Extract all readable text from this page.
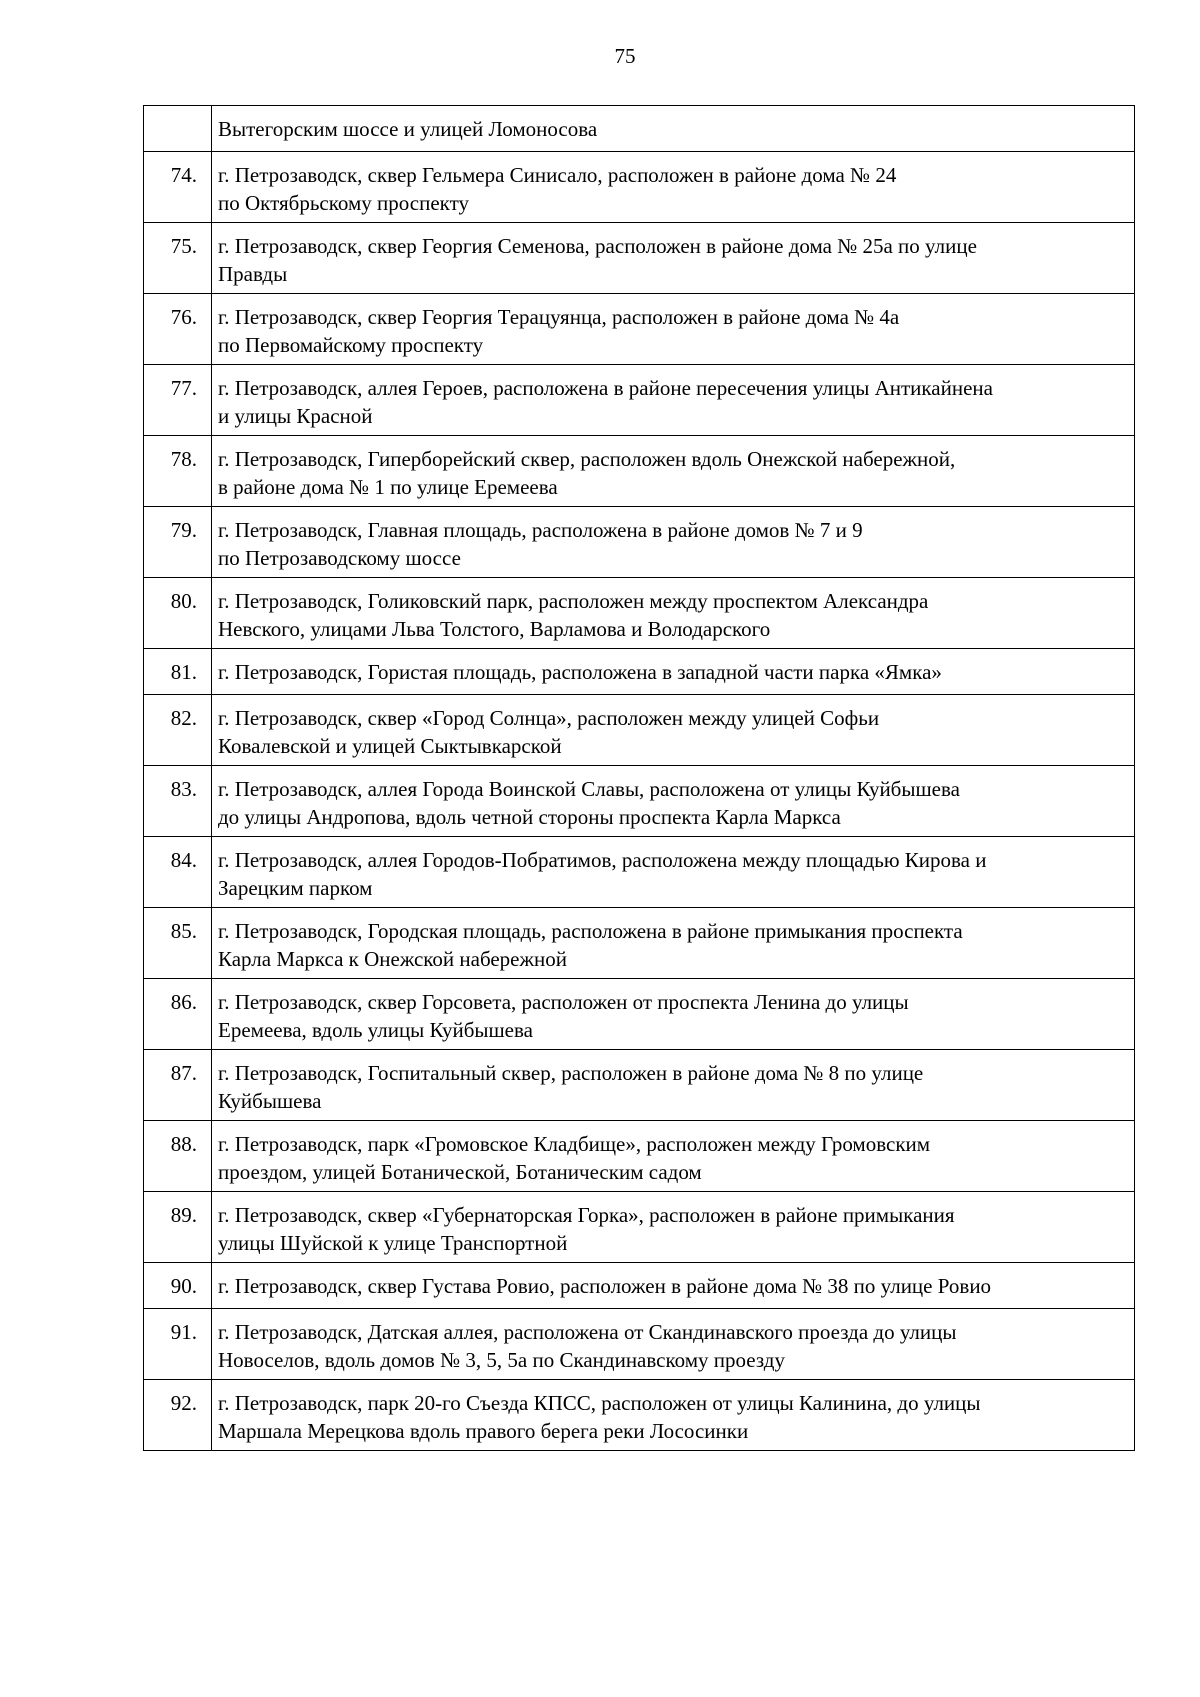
75

	Вытегорским шоссе и улицей Ломоносова

74.	г. Петрозаводск, сквер Гельмера Синисало, расположен в районе дома № 24
по Октябрьскому проспекту

75.	г. Петрозаводск, сквер Георгия Семенова, расположен в районе дома № 25а по улице
Правды

76.	г. Петрозаводск, сквер Георгия Терацуянца, расположен в районе дома № 4а
по Первомайскому проспекту

77.	г. Петрозаводск, аллея Героев, расположена в районе пересечения улицы Антикайнена
и улицы Красной

78.	г. Петрозаводск, Гиперборейский сквер, расположен вдоль Онежской набережной,
в районе дома № 1 по улице Еремеева

79.	г. Петрозаводск, Главная площадь, расположена в районе домов № 7 и 9
по Петрозаводскому шоссе

80.	г. Петрозаводск, Голиковский парк, расположен между проспектом Александра
Невского, улицами Льва Толстого, Варламова и Володарского

81.	г. Петрозаводск, Гористая площадь, расположена в западной части парка «Ямка»

82.	г. Петрозаводск, сквер «Город Солнца», расположен между улицей Софьи
Ковалевской и улицей Сыктывкарской

83.	г. Петрозаводск, аллея Города Воинской Славы, расположена от улицы Куйбышева
до улицы Андропова, вдоль четной стороны проспекта Карла Маркса

84.	г. Петрозаводск, аллея Городов-Побратимов, расположена между площадью Кирова и
Зарецким парком

85.	г. Петрозаводск, Городская площадь, расположена в районе примыкания проспекта
Карла Маркса к Онежской набережной

86.	г. Петрозаводск, сквер Горсовета, расположен от проспекта Ленина до улицы
Еремеева, вдоль улицы Куйбышева

87.	г. Петрозаводск, Госпитальный сквер, расположен в районе дома № 8 по улице
Куйбышева

88.	г. Петрозаводск, парк «Громовское Кладбище», расположен между Громовским
проездом, улицей Ботанической, Ботаническим садом

89.	г. Петрозаводск, сквер «Губернаторская Горка», расположен в районе примыкания
улицы Шуйской к улице Транспортной

90.	г. Петрозаводск, сквер Густава Ровио, расположен в районе дома № 38 по улице Ровио

91.	г. Петрозаводск, Датская аллея, расположена от Скандинавского проезда до улицы
Новоселов, вдоль домов № 3, 5, 5а по Скандинавскому проезду

92.	г. Петрозаводск, парк 20-го Съезда КПСС, расположен от улицы Калинина, до улицы
Маршала Мерецкова вдоль правого берега реки Лососинки
